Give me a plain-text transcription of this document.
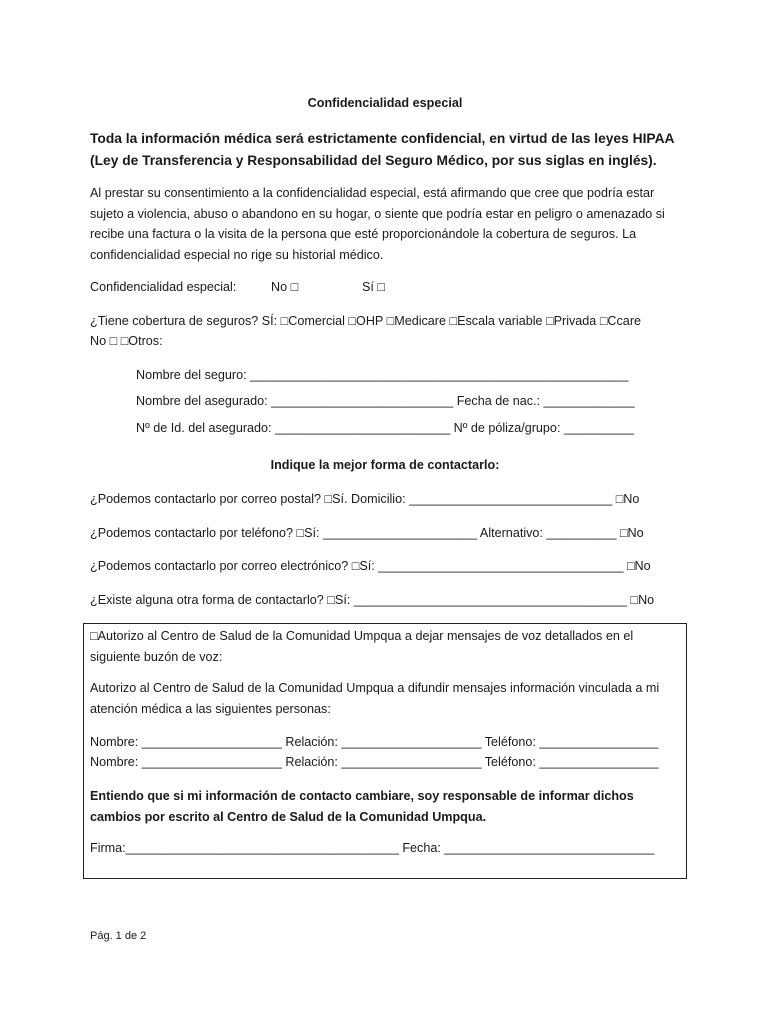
Confidencialidad especial
Toda la información médica será estrictamente confidencial, en virtud de las leyes HIPAA (Ley de Transferencia y Responsabilidad del Seguro Médico, por sus siglas en inglés).
Al prestar su consentimiento a la confidencialidad especial, está afirmando que cree que podría estar sujeto a violencia, abuso o abandono en su hogar, o siente que podría estar en peligro o amenazado si recibe una factura o la visita de la persona que esté proporcionándole la cobertura de seguros. La confidencialidad especial no rige su historial médico.
Confidencialidad especial:	No □	Sí □
¿Tiene cobertura de seguros? SÍ: □Comercial □OHP □Medicare □Escala variable □Privada □Ccare
No □ □Otros:
Nombre del seguro: ______________________________________________________
Nombre del asegurado: __________________________ Fecha de nac.: _____________
Nº de Id. del asegurado: _________________________ Nº de póliza/grupo: __________
Indique la mejor forma de contactarlo:
¿Podemos contactarlo por correo postal? □Sí. Domicilio: _____________________________ □No
¿Podemos contactarlo por teléfono? □Sí: ______________________ Alternativo: __________ □No
¿Podemos contactarlo por correo electrónico? □Sí: ___________________________________ □No
¿Existe alguna otra forma de contactarlo? □Sí: _______________________________________ □No
□Autorizo al Centro de Salud de la Comunidad Umpqua a dejar mensajes de voz detallados en el siguiente buzón de voz:
Autorizo al Centro de Salud de la Comunidad Umpqua a difundir mensajes información vinculada a mi atención médica a las siguientes personas:
Nombre: ____________________ Relación: ____________________ Teléfono: _________________
Nombre: ____________________ Relación: ____________________ Teléfono: _________________
Entiendo que si mi información de contacto cambiare, soy responsable de informar dichos cambios por escrito al Centro de Salud de la Comunidad Umpqua.
Firma:_______________________________________ Fecha: ______________________________
Pág. 1 de 2
